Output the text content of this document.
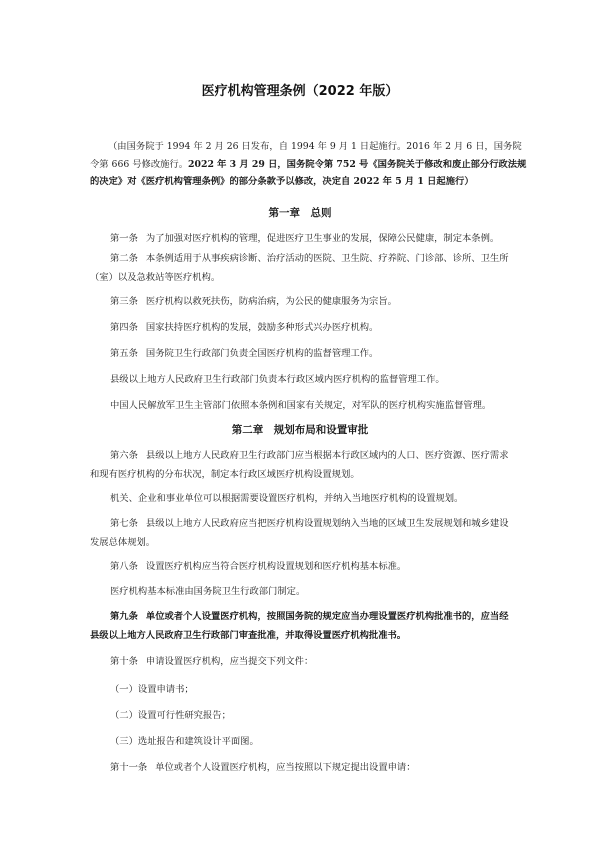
医疗机构管理条例（2022 年版）
（由国务院于 1994 年 2 月 26 日发布，自 1994 年 9 月 1 日起施行。2016 年 2 月 6 日，国务院令第 666 号修改施行。2022 年 3 月 29 日，国务院令第 752 号《国务院关于修改和废止部分行政法规的决定》对《医疗机构管理条例》的部分条款予以修改，决定自 2022 年 5 月 1 日起施行）
第一章　总则
第一条 为了加强对医疗机构的管理，促进医疗卫生事业的发展，保障公民健康，制定本条例。
第二条 本条例适用于从事疾病诊断、治疗活动的医院、卫生院、疗养院、门诊部、诊所、卫生所（室）以及急救站等医疗机构。
第三条 医疗机构以救死扶伤，防病治病，为公民的健康服务为宗旨。
第四条 国家扶持医疗机构的发展，鼓励多种形式兴办医疗机构。
第五条 国务院卫生行政部门负责全国医疗机构的监督管理工作。
县级以上地方人民政府卫生行政部门负责本行政区域内医疗机构的监督管理工作。
中国人民解放军卫生主管部门依照本条例和国家有关规定，对军队的医疗机构实施监督管理。
第二章　规划布局和设置审批
第六条 县级以上地方人民政府卫生行政部门应当根据本行政区域内的人口、医疗资源、医疗需求和现有医疗机构的分布状况，制定本行政区域医疗机构设置规划。
机关、企业和事业单位可以根据需要设置医疗机构，并纳入当地医疗机构的设置规划。
第七条 县级以上地方人民政府应当把医疗机构设置规划纳入当地的区域卫生发展规划和城乡建设发展总体规划。
第八条 设置医疗机构应当符合医疗机构设置规划和医疗机构基本标准。
医疗机构基本标准由国务院卫生行政部门制定。
第九条 单位或者个人设置医疗机构，按照国务院的规定应当办理设置医疗机构批准书的，应当经县级以上地方人民政府卫生行政部门审查批准，并取得设置医疗机构批准书。
第十条 申请设置医疗机构，应当提交下列文件：
（一）设置申请书；
（二）设置可行性研究报告；
（三）选址报告和建筑设计平面图。
第十一条 单位或者个人设置医疗机构，应当按照以下规定提出设置申请：
